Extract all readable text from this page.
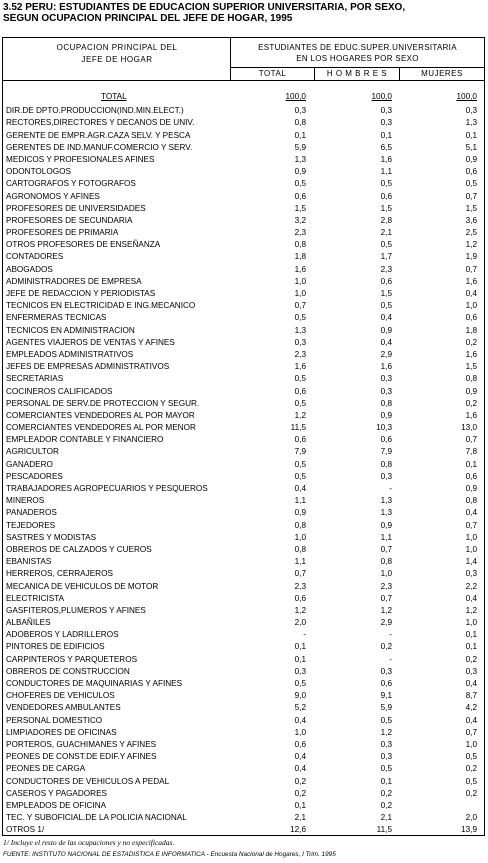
3.52 PERU: ESTUDIANTES DE EDUCACION SUPERIOR UNIVERSITARIA, POR SEXO,
SEGUN OCUPACION PRINCIPAL DEL JEFE DE HOGAR, 1995
OCUPACION PRINCIPAL DEL
JEFE DE HOGAR
ESTUDIANTES DE EDUC.SUPER.UNIVERSITARIA
EN LOS HOGARES POR SEXO
TOTAL	H O M B R E S	MUJERES
TOTAL	100,0	100,0	100,0
DIR.DE DPTO.PRODUCCION(IND.MIN.ELECT.)	0,3	0,3	0,3
RECTORES,DIRECTORES Y DECANOS DE UNIV.	0,8	0,3	1,3
GERENTE DE EMPR.AGR.CAZA SELV. Y PESCA	0,1	0,1	0,1
GERENTES DE IND.MANUF.COMERCIO Y SERV.	5,9	6,5	5,1
MEDICOS Y PROFESIONALES AFINES	1,3	1,6	0,9
ODONTOLOGOS	0,9	1,1	0,6
CARTOGRAFOS Y FOTOGRAFOS	0,5	0,5	0,5
AGRONOMOS Y AFINES	0,6	0,6	0,7
PROFESORES DE UNIVERSIDADES	1,5	1,5	1,5
PROFESORES DE SECUNDARIA	3,2	2,8	3,6
PROFESORES DE PRIMARIA	2,3	2,1	2,5
OTROS PROFESORES DE ENSEÑANZA	0,8	0,5	1,2
CONTADORES	1,8	1,7	1,9
ABOGADOS	1,6	2,3	0,7
ADMINISTRADORES DE EMPRESA	1,0	0,6	1,6
JEFE DE REDACCION Y PERIODISTAS	1,0	1,5	0,4
TECNICOS EN ELECTRICIDAD E ING.MECANICO	0,7	0,5	1,0
ENFERMERAS TECNICAS	0,5	0,4	0,6
TECNICOS EN ADMINISTRACION	1,3	0,9	1,8
AGENTES VIAJEROS DE VENTAS Y AFINES	0,3	0,4	0,2
EMPLEADOS ADMINISTRATIVOS	2,3	2,9	1,6
JEFES DE EMPRESAS ADMINISTRATIVOS	1,6	1,6	1,5
SECRETARIAS	0,5	0,3	0,8
COCINEROS CALIFICADOS	0,6	0,3	0,9
PERSONAL DE SERV.DE PROTECCION Y SEGUR.	0,5	0,8	0,2
COMERCIANTES VENDEDORES AL POR MAYOR	1,2	0,9	1,6
COMERCIANTES VENDEDORES AL POR MENOR	11,5	10,3	13,0
EMPLEADOR CONTABLE Y FINANCIERO	0,6	0,6	0,7
AGRICULTOR	7,9	7,9	7,8
GANADERO	0,5	0,8	0,1
PESCADORES	0,5	0,3	0,6
TRABAJADORES AGROPECUARIOS Y PESQUEROS	0,4	-	0,9
MINEROS	1,1	1,3	0,8
PANADEROS	0,9	1,3	0,4
TEJEDORES	0,8	0,9	0,7
SASTRES Y MODISTAS	1,0	1,1	1,0
OBREROS DE CALZADOS Y CUEROS	0,8	0,7	1,0
EBANISTAS	1,1	0,8	1,4
HERREROS, CERRAJEROS	0,7	1,0	0,3
MECANICA DE VEHICULOS DE MOTOR	2,3	2,3	2,2
ELECTRICISTA	0,6	0,7	0,4
GASFITEROS,PLUMEROS Y AFINES	1,2	1,2	1,2
ALBAÑILES	2,0	2,9	1,0
ADOBEROS Y LADRILLEROS	-	-	0,1
PINTORES DE EDIFICIOS	0,1	0,2	0,1
CARPINTEROS Y PARQUETEROS	0,1	-	0,2
OBREROS DE CONSTRUCCION	0,3	0,3	0,3
CONDUCTORES DE MAQUINARIAS Y AFINES	0,5	0,6	0,4
CHOFERES DE VEHICULOS	9,0	9,1	8,7
VENDEDORES AMBULANTES	5,2	5,9	4,2
PERSONAL DOMESTICO	0,4	0,5	0,4
LIMPIADORES DE OFICINAS	1,0	1,2	0,7
PORTEROS, GUACHIMANES Y AFINES	0,6	0,3	1,0
PEONES DE CONST.DE EDIF.Y AFINES	0,4	0,3	0,5
PEONES DE CARGA	0,4	0,5	0,2
CONDUCTORES DE VEHICULOS A PEDAL	0,2	0,1	0,5
CASEROS Y PAGADORES	0,2	0,2	0,2
EMPLEADOS DE OFICINA	0,1	0,2
TEC. Y SUBOFICIAL.DE LA POLICIA NACIONAL	2,1	2,1	2,0
OTROS 1/	12,6	11,5	13,9
1/ Incluye el resto de las ocupaciones y no especificadas.
FUENTE: INSTITUTO NACIONAL DE ESTADISTICA E INFORMATICA - Encuesta Nacional de Hogares, I Trim. 1995
